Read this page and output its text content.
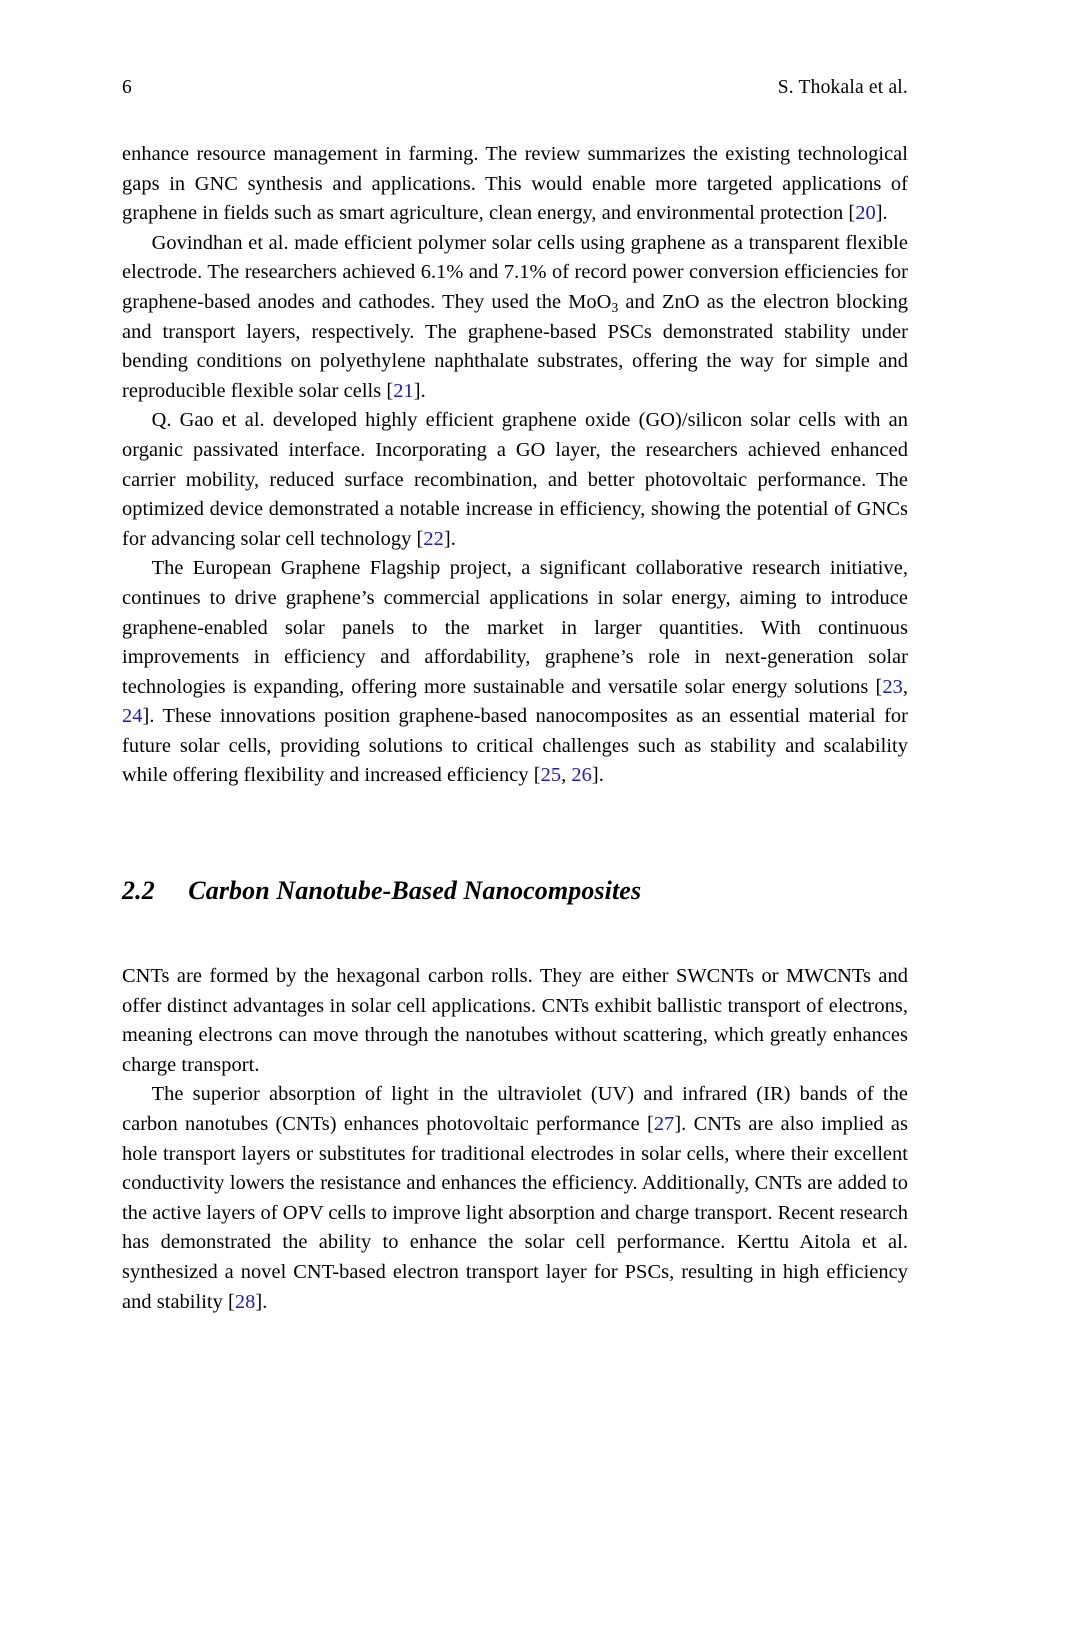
6	S. Thokala et al.

enhance resource management in farming. The review summarizes the existing technological gaps in GNC synthesis and applications. This would enable more targeted applications of graphene in fields such as smart agriculture, clean energy, and environmental protection [20].

Govindhan et al. made efficient polymer solar cells using graphene as a transparent flexible electrode. The researchers achieved 6.1% and 7.1% of record power conversion efficiencies for graphene-based anodes and cathodes. They used the MoO$_3$ and ZnO as the electron blocking and transport layers, respectively. The graphene-based PSCs demonstrated stability under bending conditions on polyethylene naphthalate substrates, offering the way for simple and reproducible flexible solar cells [21].

Q. Gao et al. developed highly efficient graphene oxide (GO)/silicon solar cells with an organic passivated interface. Incorporating a GO layer, the researchers achieved enhanced carrier mobility, reduced surface recombination, and better photovoltaic performance. The optimized device demonstrated a notable increase in efficiency, showing the potential of GNCs for advancing solar cell technology [22].

The European Graphene Flagship project, a significant collaborative research initiative, continues to drive graphene’s commercial applications in solar energy, aiming to introduce graphene-enabled solar panels to the market in larger quantities. With continuous improvements in efficiency and affordability, graphene’s role in next-generation solar technologies is expanding, offering more sustainable and versatile solar energy solutions [23, 24]. These innovations position graphene-based nanocomposites as an essential material for future solar cells, providing solutions to critical challenges such as stability and scalability while offering flexibility and increased efficiency [25, 26].

2.2 Carbon Nanotube-Based Nanocomposites

CNTs are formed by the hexagonal carbon rolls. They are either SWCNTs or MWCNTs and offer distinct advantages in solar cell applications. CNTs exhibit ballistic transport of electrons, meaning electrons can move through the nanotubes without scattering, which greatly enhances charge transport.

The superior absorption of light in the ultraviolet (UV) and infrared (IR) bands of the carbon nanotubes (CNTs) enhances photovoltaic performance [27]. CNTs are also implied as hole transport layers or substitutes for traditional electrodes in solar cells, where their excellent conductivity lowers the resistance and enhances the efficiency. Additionally, CNTs are added to the active layers of OPV cells to improve light absorption and charge transport. Recent research has demonstrated the ability to enhance the solar cell performance. Kerttu Aitola et al. synthesized a novel CNT-based electron transport layer for PSCs, resulting in high efficiency and stability [28].
